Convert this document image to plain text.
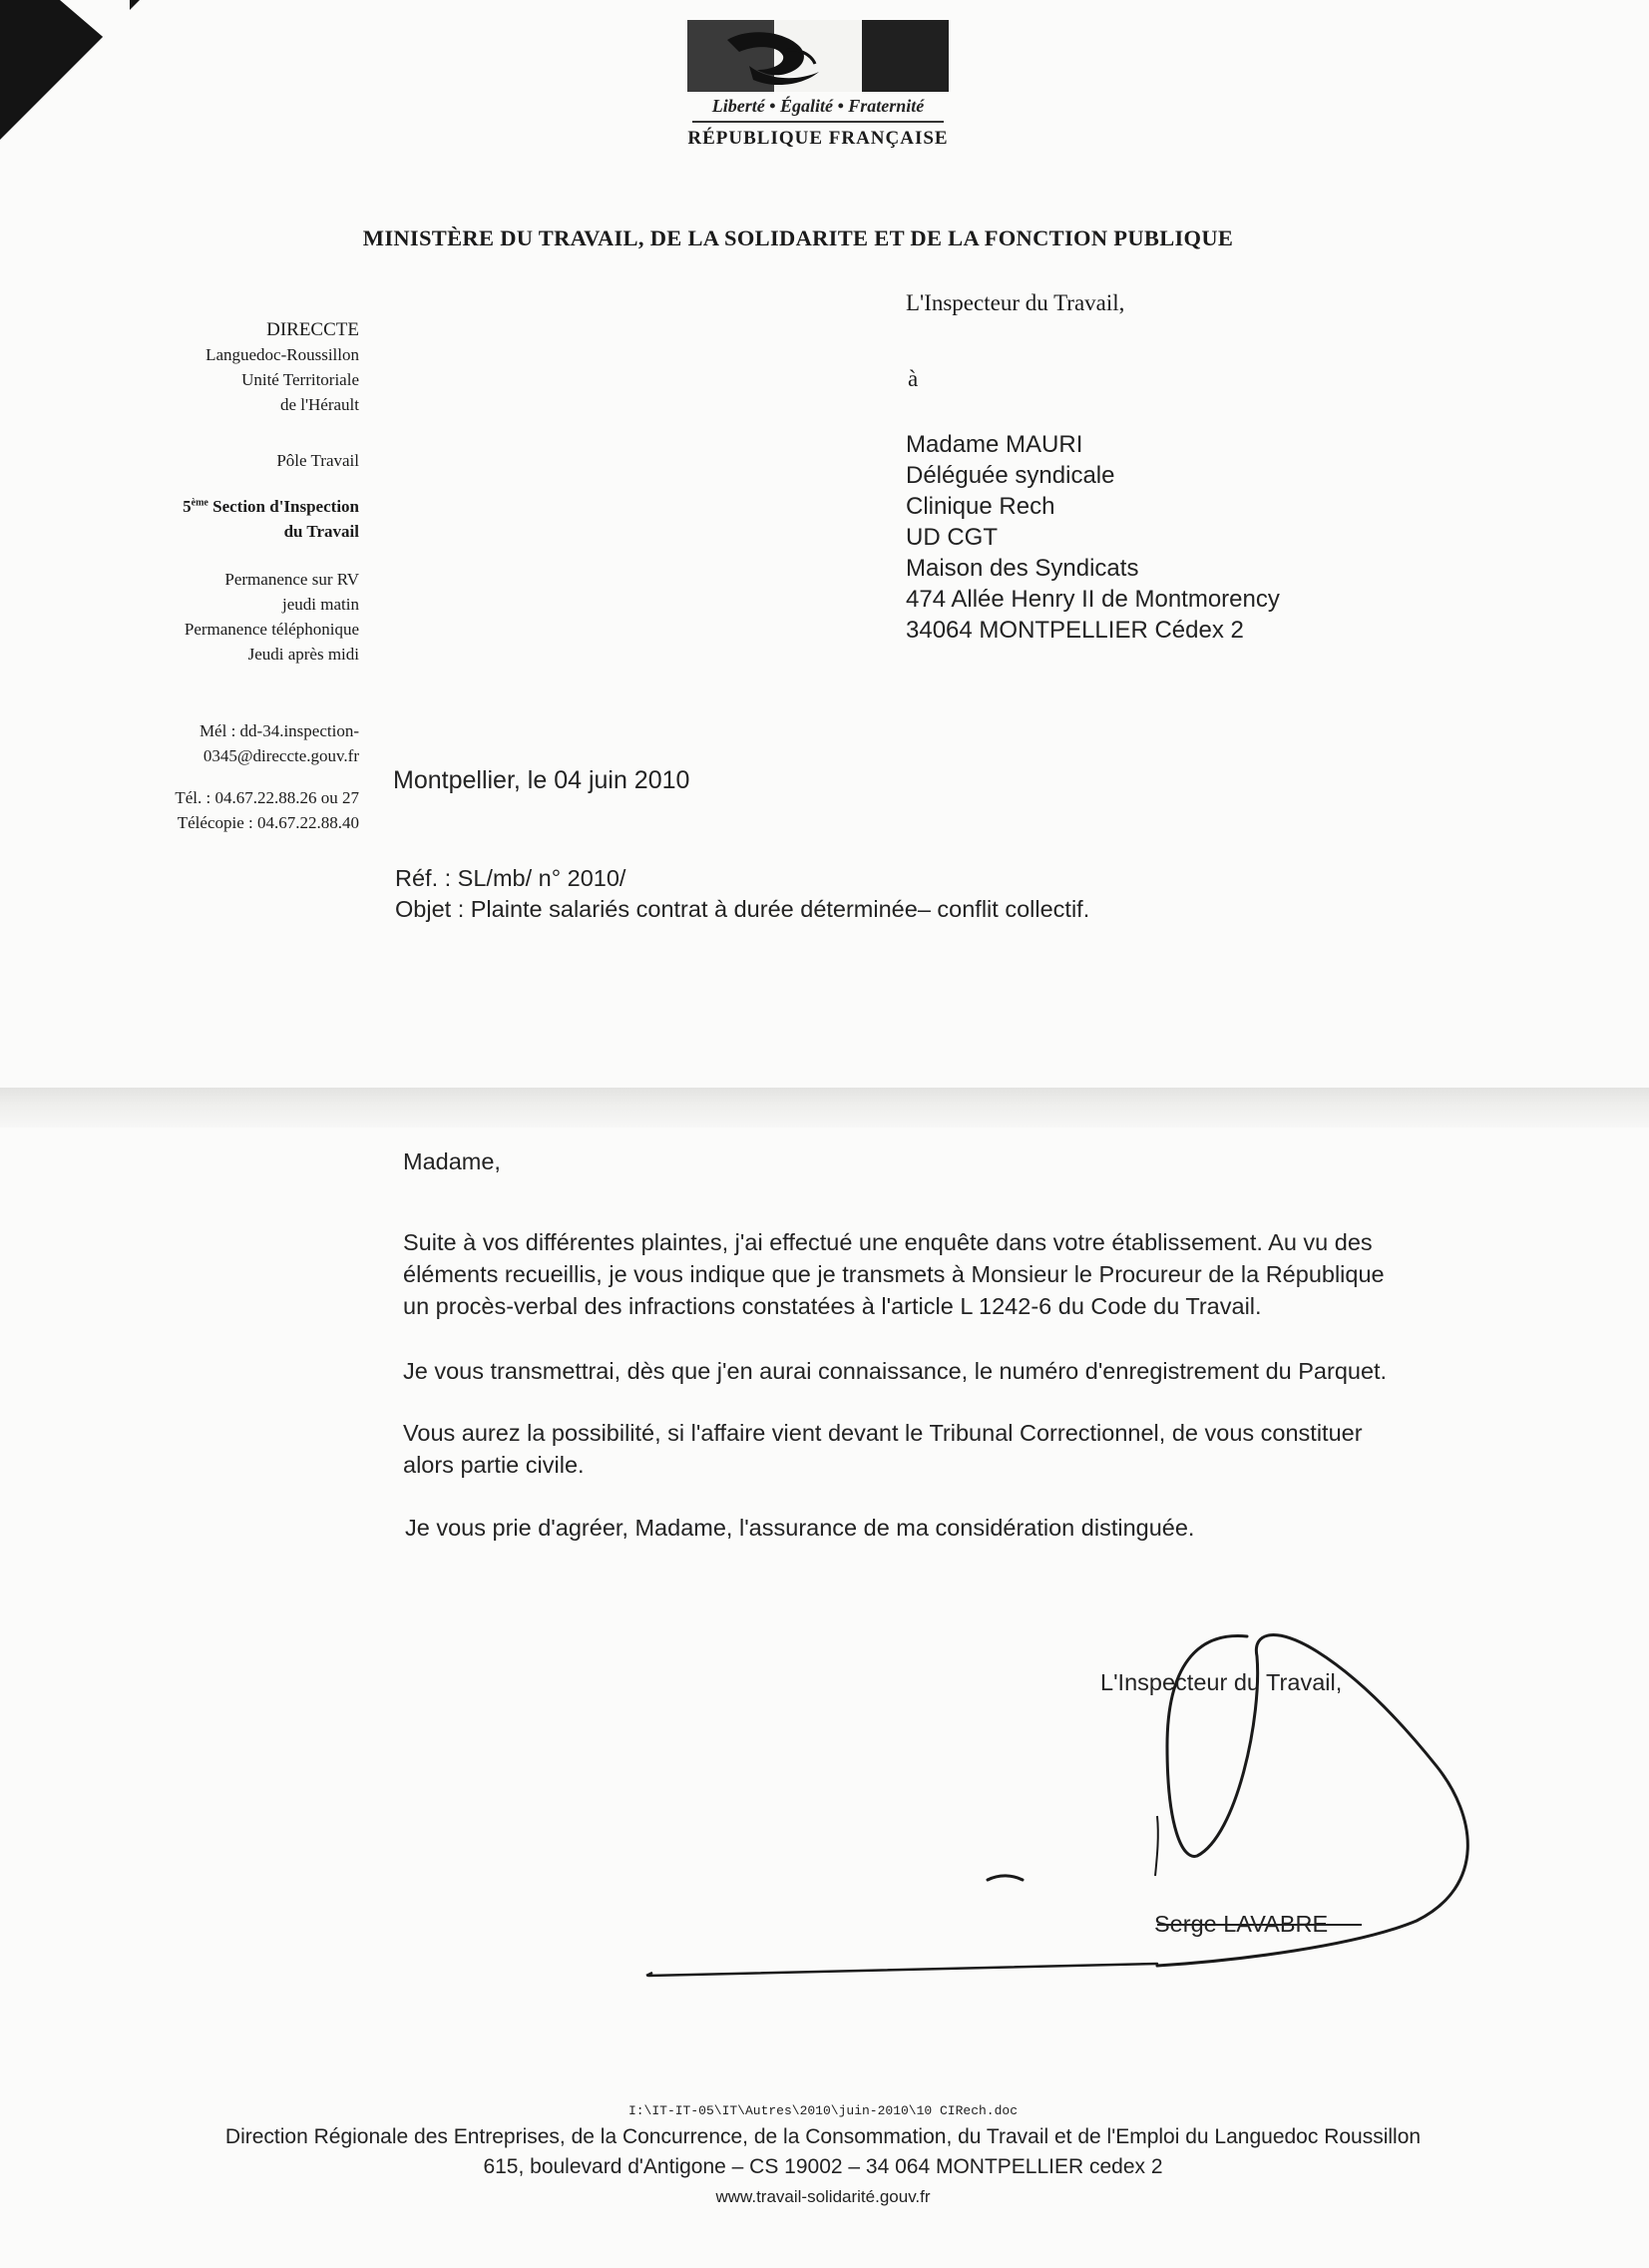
Liberté • Égalité • Fraternité
RÉPUBLIQUE FRANÇAISE
MINISTÈRE DU TRAVAIL, DE LA SOLIDARITE ET DE LA FONCTION PUBLIQUE
DIRECCTE
Languedoc-Roussillon
Unité Territoriale
de l'Hérault
Pôle Travail
5ème Section d'Inspection
du Travail
Permanence sur RV
jeudi matin
Permanence téléphonique
Jeudi après midi
Mél : dd-34.inspection-
0345@direccte.gouv.fr
Tél. : 04.67.22.88.26 ou 27
Télécopie : 04.67.22.88.40
L'Inspecteur du Travail,
à
Madame MAURI
Déléguée syndicale
Clinique Rech
UD CGT
Maison des Syndicats
474 Allée Henry II de Montmorency
34064 MONTPELLIER Cédex 2
Montpellier, le 04 juin 2010
Réf. : SL/mb/ n° 2010/
Objet : Plainte salariés contrat à durée déterminée– conflit collectif.
Madame,
Suite à vos différentes plaintes, j'ai effectué une enquête dans votre établissement. Au vu des
éléments recueillis, je vous indique que je transmets à Monsieur le Procureur de la République
un procès-verbal des infractions constatées à l'article L 1242-6 du Code du Travail.
Je vous transmettrai, dès que j'en aurai connaissance, le numéro d'enregistrement du Parquet.
Vous aurez la possibilité, si l'affaire vient devant le Tribunal Correctionnel, de vous constituer
alors partie civile.
Je vous prie d'agréer, Madame, l'assurance de ma considération distinguée.
L'Inspecteur du Travail,
Serge LAVABRE
I:\IT-IT-05\IT\Autres\2010\juin-2010\10 CIRech.doc
Direction Régionale des Entreprises, de la Concurrence, de la Consommation, du Travail et de l'Emploi du Languedoc Roussillon
615, boulevard d'Antigone – CS 19002 – 34 064 MONTPELLIER cedex 2
www.travail-solidarité.gouv.fr
